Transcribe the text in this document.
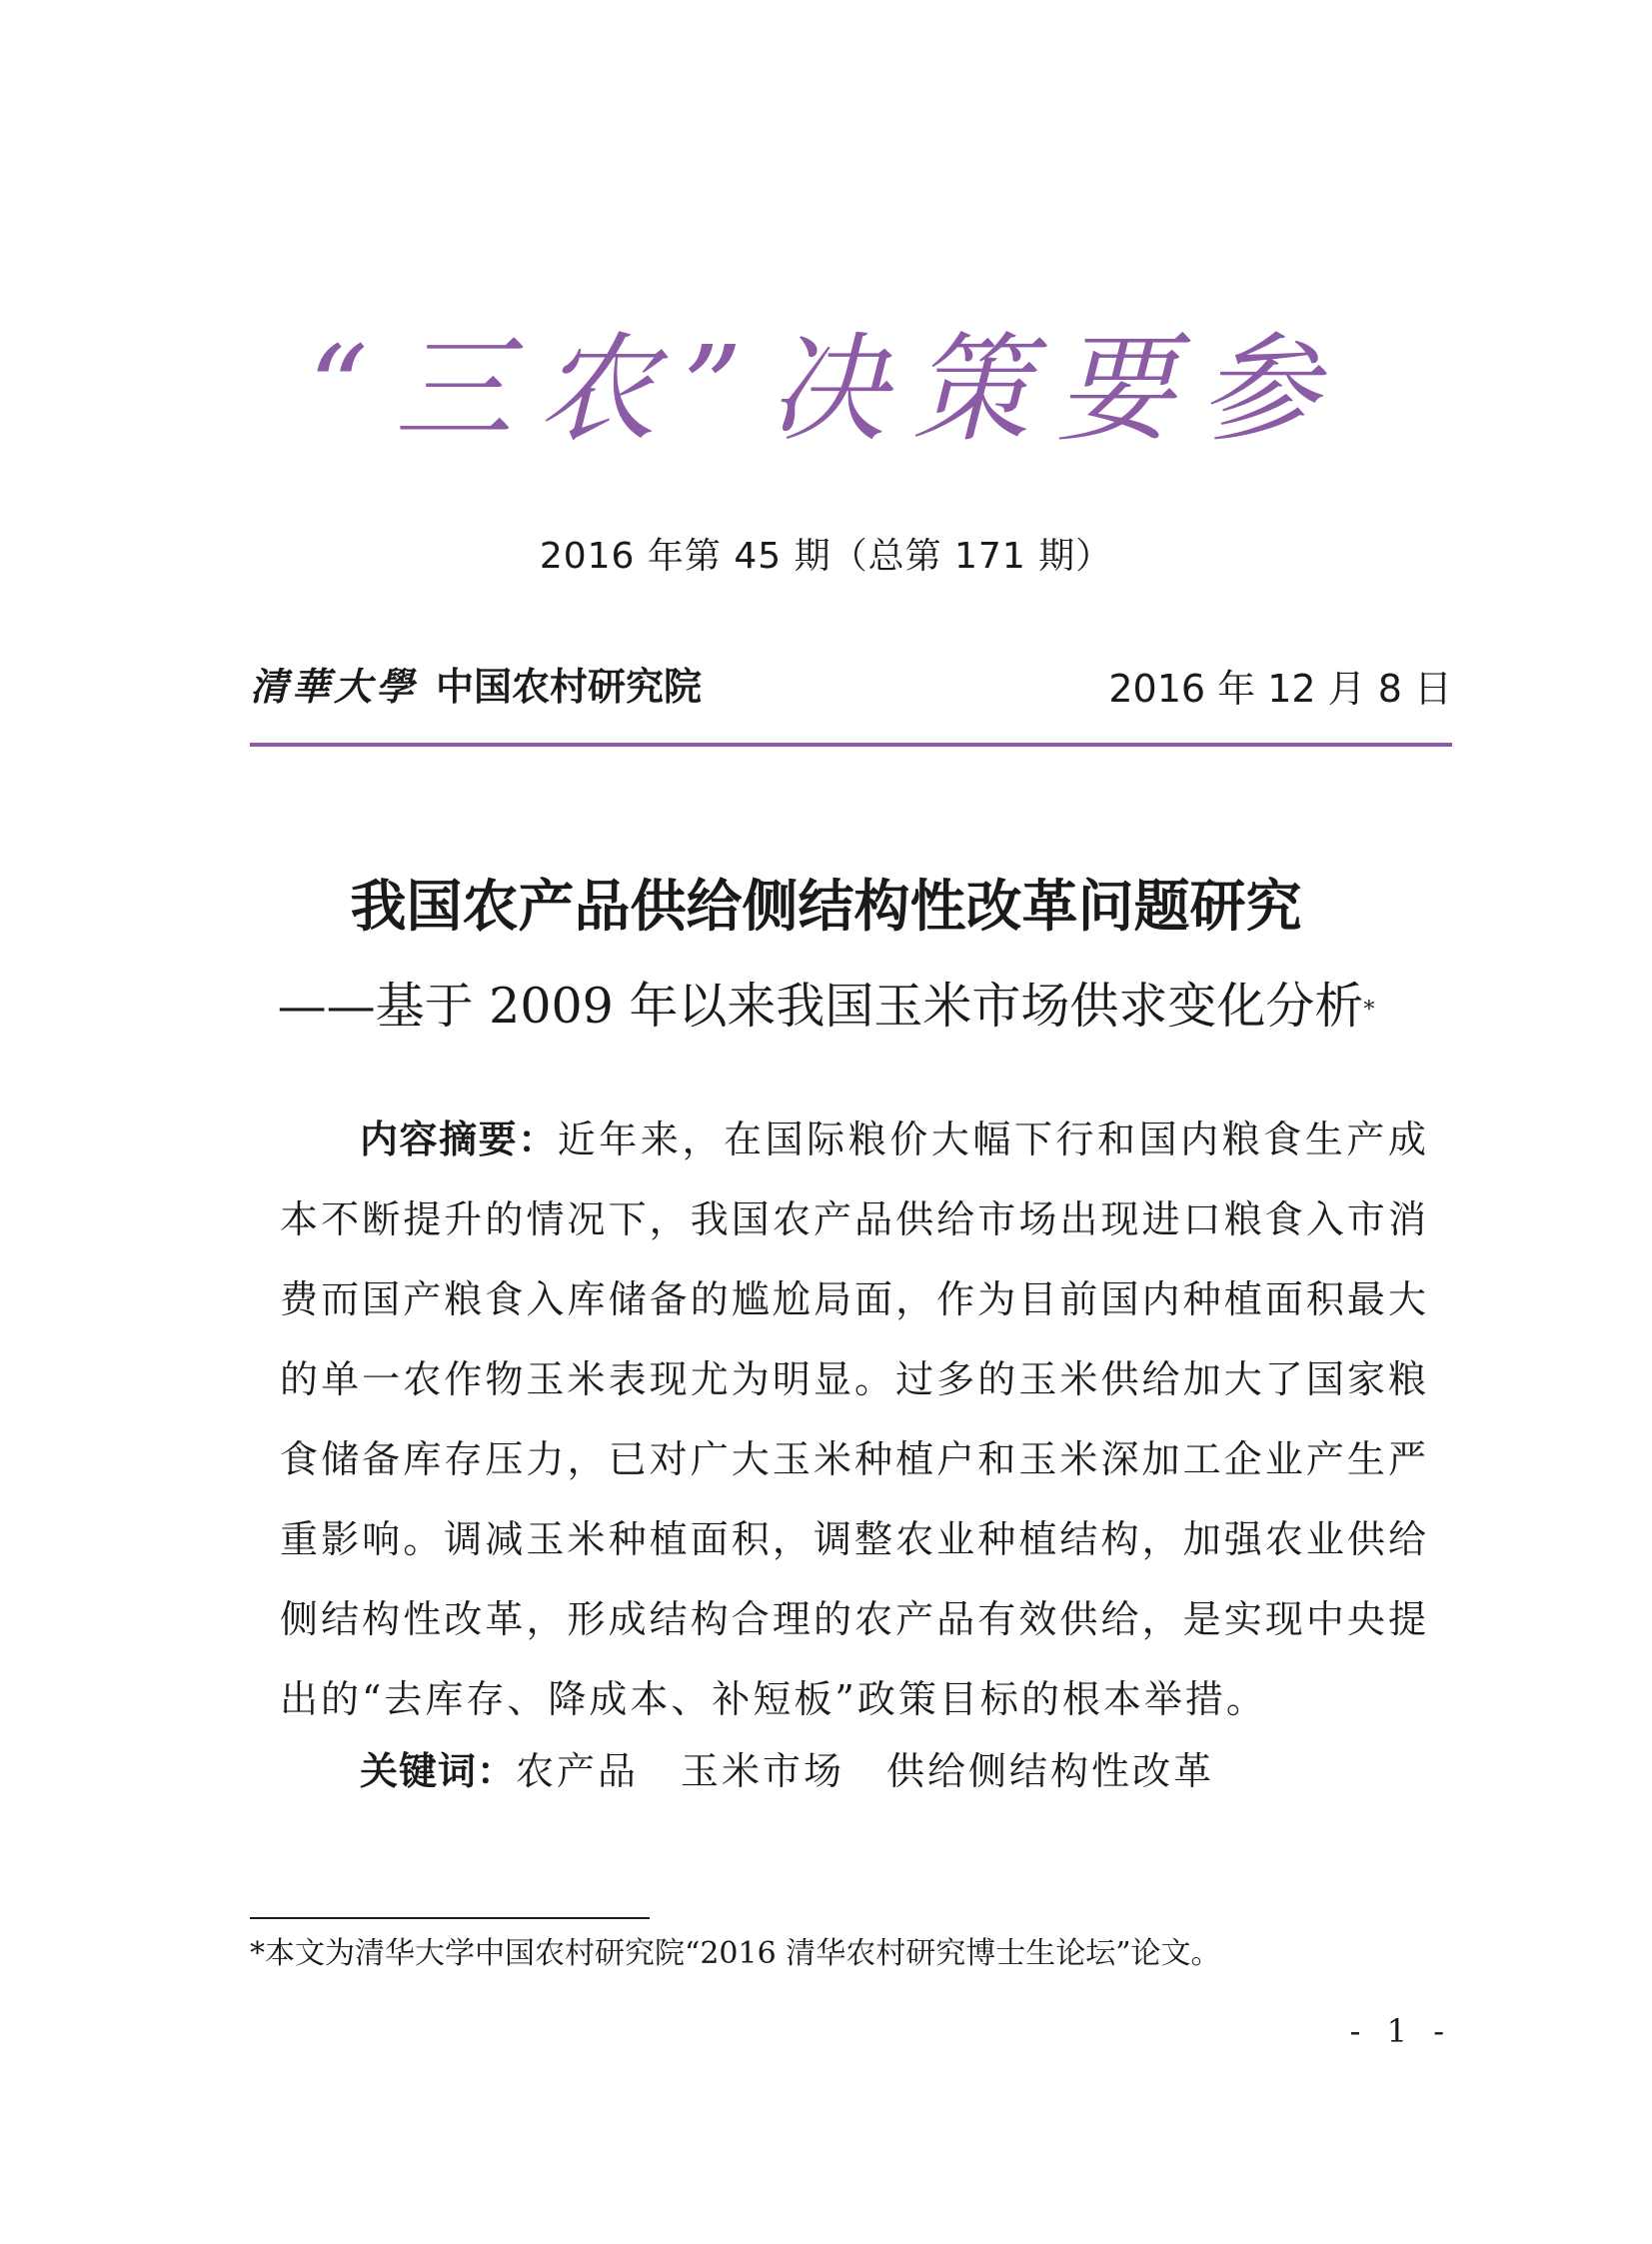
“三农”决策要参
2016 年第 45 期（总第 171 期）
清華大學 中国农村研究院	2016 年 12 月 8 日
我国农产品供给侧结构性改革问题研究
——基于 2009 年以来我国玉米市场供求变化分析*
内容摘要：近年来，在国际粮价大幅下行和国内粮食生产成本不断提升的情况下，我国农产品供给市场出现进口粮食入市消费而国产粮食入库储备的尴尬局面，作为目前国内种植面积最大的单一农作物玉米表现尤为明显。过多的玉米供给加大了国家粮食储备库存压力，已对广大玉米种植户和玉米深加工企业产生严重影响。调减玉米种植面积，调整农业种植结构，加强农业供给侧结构性改革，形成结构合理的农产品有效供给，是实现中央提出的“去库存、降成本、补短板”政策目标的根本举措。
关键词：农产品 玉米市场 供给侧结构性改革
*本文为清华大学中国农村研究院“2016 清华农村研究博士生论坛”论文。
- 1 -
